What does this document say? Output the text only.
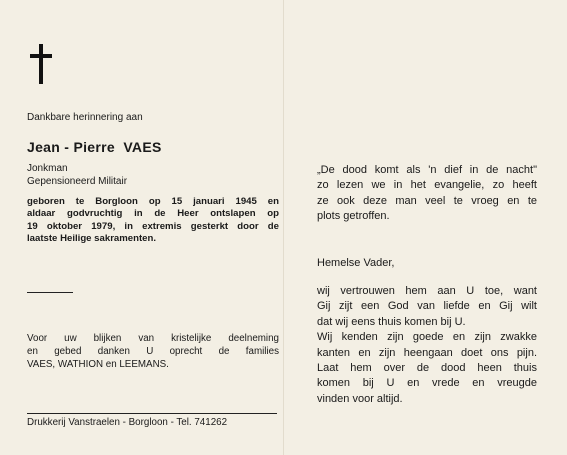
Dankbare herinnering aan
Jean - Pierre  VAES
Jonkman
Gepensioneerd Militair
geboren te Borgloon op 15 januari 1945 en
aldaar godvruchtig in de Heer ontslapen op
19 oktober 1979, in extremis gesterkt door de
laatste Heilige sakramenten.
Voor uw blijken van kristelijke deelneming
en gebed danken U oprecht de families
VAES, WATHION en LEEMANS.
Drukkerij Vanstraelen - Borgloon - Tel. 741262
„De dood komt als 'n dief in de nacht"
zo lezen we in het evangelie, zo heeft
ze ook deze man veel te vroeg en te
plots getroffen.
Hemelse Vader,
wij vertrouwen hem aan U toe, want
Gij zijt een God van liefde en Gij wilt
dat wij eens thuis komen bij U.
Wij kenden zijn goede en zijn zwakke
kanten en zijn heengaan doet ons pijn.
Laat hem over de dood heen thuis
komen bij U en vrede en vreugde
vinden voor altijd.
